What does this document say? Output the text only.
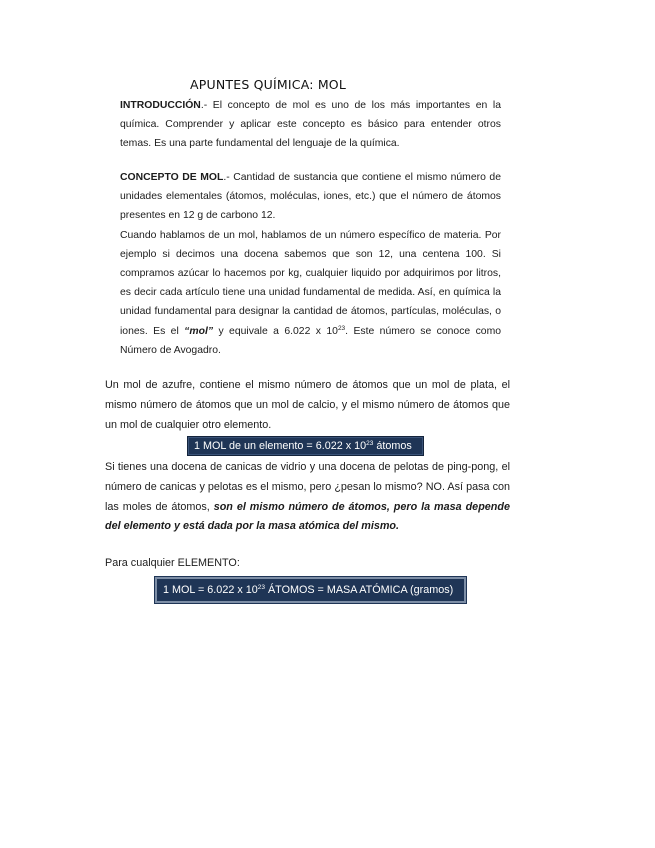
APUNTES QUÍMICA: MOL

INTRODUCCIÓN.- El concepto de mol es uno de los más importantes en la química. Comprender y aplicar este concepto es básico para entender otros temas. Es una parte fundamental del lenguaje de la química.

CONCEPTO DE MOL.- Cantidad de sustancia que contiene el mismo número de unidades elementales (átomos, moléculas, iones, etc.) que el número de átomos presentes en 12 g de carbono 12.

Cuando hablamos de un mol, hablamos de un número específico de materia. Por ejemplo si decimos una docena sabemos que son 12, una centena 100. Si compramos azúcar lo hacemos por kg, cualquier liquido por adquirimos por litros, es decir cada artículo tiene una unidad fundamental de medida. Así, en química la unidad fundamental para designar la cantidad de átomos, partículas, moléculas, o iones. Es el “mol” y equivale a 6.022 x $10^{23}$. Este número se conoce como Número de Avogadro.

Un mol de azufre, contiene el mismo número de átomos que un mol de plata, el mismo número de átomos que un mol de calcio, y el mismo número de átomos que un mol de cualquier otro elemento.

1 MOL de un elemento = 6.022 x $10^{23}$ átomos

Si tienes una docena de canicas de vidrio y una docena de pelotas de ping-pong, el número de canicas y pelotas es el mismo, pero ¿pesan lo mismo? NO. Así pasa con las moles de átomos, son el mismo número de átomos, pero la masa depende del elemento y está dada por la masa atómica del mismo.

Para cualquier ELEMENTO:

1 MOL = 6.022 x $10^{23}$ ÁTOMOS = MASA ATÓMICA (gramos)
